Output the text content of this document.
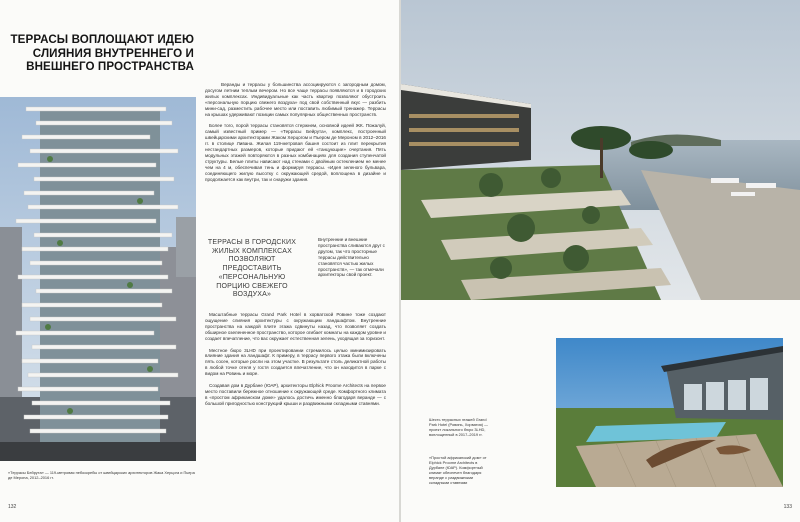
ТЕРРАСЫ ВОПЛОЩАЮТ ИДЕЮ СЛИЯНИЯ ВНУТРЕННЕГО И ВНЕШНЕГО ПРОСТРАНСТВА

Веранды и террасы у большинства ассоциируются с загородным домом, досугом летним теплым вечером. Но все чаще террасы появляются и в городских жилых комплексах. Индивидуальные как часть квартир позволяют обустроить «персональную порцию свежего воздуха» под свой собственный вкус — разбить мини-сад, разместить рабочее место или поставить любимый тренажер. Террасы на крышах удерживают позиции самых популярных общественных пространств.

Более того, порой террасы становятся стержнем, основной идеей ЖК. Пожалуй, самый известный пример — «Террасы Бейрута», комплекс, построенный швейцарскими архитекторами Жаком Херцогом и Пьером де Мероном в 2012–2016 гг. в столице Ливана. Жилая 119-метровая башня состоит из плит перекрытия нестандартных размеров, которые придают ей «танцующие» очертания. Пять модульных этажей повторяются в разных комбинациях для создания ступенчатой структуры. Белые плиты нависают над стенами с двойным остеклением не менее чем на 4 м, обеспечивая тень и формируя террасы. «Идея зеленого бульвара, соединяющего жилую высотку с окружающей средой, воплощена в дизайне и продолжается как внутри, так и снаружи здания.

ТЕРРАСЫ В ГОРОДСКИХ ЖИЛЫХ КОМПЛЕКСАХ ПОЗВОЛЯЮТ ПРЕДОСТАВИТЬ «ПЕРСОНАЛЬНУЮ ПОРЦИЮ СВЕЖЕГО ВОЗДУХА»
Внутренние и внешние пространства сливаются друг с другом, так что просторные террасы действительно становятся частью жилых пространств», — так отмечали архитекторы свой проект.

Масштабные террасы Grand Park Hotel в хорватской Ровине тоже создают ощущение слияния архитектуры с окружающим ландшафтом. Внутренние пространства на каждой плите этажа сдвинуты назад, что позволяет создать обширное озелененное пространство, которое огибает комнаты на каждом уровне и создает впечатление, что вас окружает естественная зелень, уходящая за горизонт.

Местное бюро 3LHD при проектировании стремилось целью минимизировать влияние здания на ландшафт. К примеру, в террасу первого этажа были включены пять сосен, которые росли на этом участке. В результате столь деликатной работы в любой точке отеля у гостя создается впечатление, что он находится в парке с видом на Ровинь и море.

Создавая дом в Дурбане (ЮАР), архитекторы Elphick Proome Architects на первое место поставили бережное отношение к окружающей среде. Комфортного климата в «простом африканском доме» удалось достичь именно благодаря веранде — с большой пригодностью конструкций крыши и раздвижными складными ставнями.

«Террасы Бейрута» — 119-метровая небоскребы от швейцарских архитекторов Жака Херцога и Пьера де Мерона, 2012–2016 гг.
132
Шесть террасных этажей Grand Park Hotel (Ровинь, Хорватия) — проект локального бюро 3LHD, воплощенный в 2017–2019 гг.
«Простой африканский дом» от Elphick Proome Architects в Дурбане (ЮАР). Комфортный климат обеспечен благодаря веранде с раздвижными складными ставнями
133
